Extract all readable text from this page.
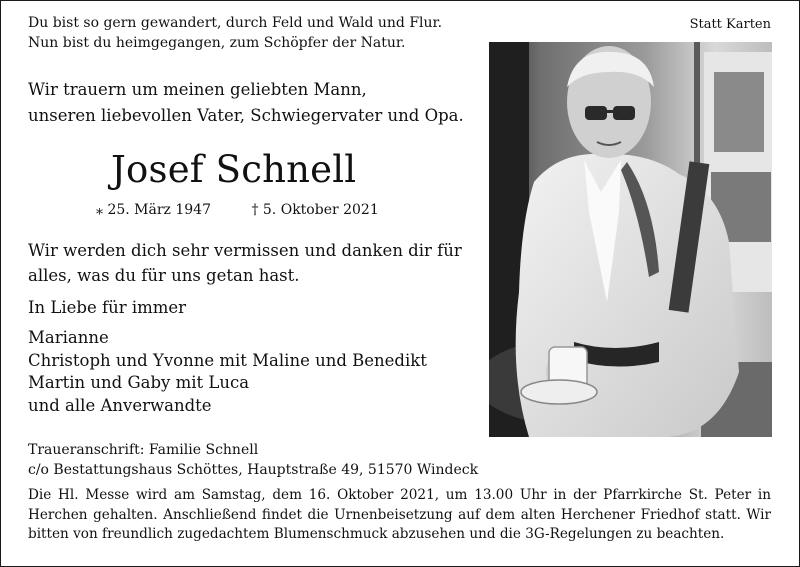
Du bist so gern gewandert, durch Feld und Wald und Flur.
Nun bist du heimgegangen, zum Schöpfer der Natur.
Statt Karten
Wir trauern um meinen geliebten Mann,
unseren liebevollen Vater, Schwiegervater und Opa.
Josef Schnell
⁎ 25. März 1947	† 5. Oktober 2021
Wir werden dich sehr vermissen und danken dir für
alles, was du für uns getan hast.
In Liebe für immer
Marianne
Christoph und Yvonne mit Maline und Benedikt
Martin und Gaby mit Luca
und alle Anverwandte
Traueranschrift: Familie Schnell
c/o Bestattungshaus Schöttes, Hauptstraße 49, 51570 Windeck
Die Hl. Messe wird am Samstag, dem 16. Oktober 2021, um 13.00 Uhr in der Pfarrkirche St. Peter in Herchen gehalten. Anschließend findet die Urnenbeisetzung auf dem alten Herchener Friedhof statt. Wir bitten von freundlich zugedachtem Blumenschmuck abzusehen und die 3G-Regelungen zu beachten.
